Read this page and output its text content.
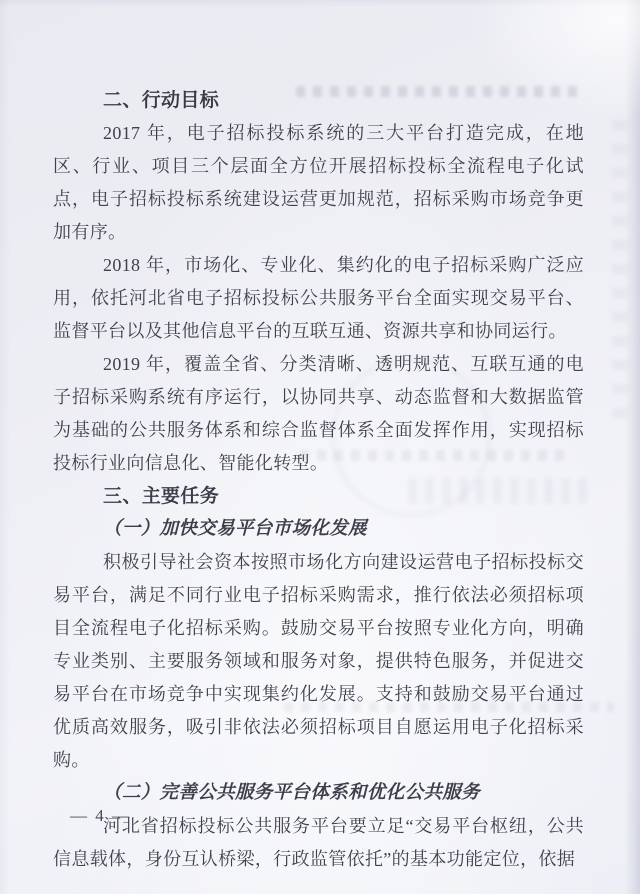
二、行动目标

2017 年，电子招标投标系统的三大平台打造完成，在地区、行业、项目三个层面全方位开展招标投标全流程电子化试点，电子招标投标系统建设运营更加规范，招标采购市场竞争更加有序。

2018 年，市场化、专业化、集约化的电子招标采购广泛应用，依托河北省电子招标投标公共服务平台全面实现交易平台、监督平台以及其他信息平台的互联互通、资源共享和协同运行。

2019 年，覆盖全省、分类清晰、透明规范、互联互通的电子招标采购系统有序运行，以协同共享、动态监督和大数据监管为基础的公共服务体系和综合监督体系全面发挥作用，实现招标投标行业向信息化、智能化转型。

三、主要任务

（一）加快交易平台市场化发展

积极引导社会资本按照市场化方向建设运营电子招标投标交易平台，满足不同行业电子招标采购需求，推行依法必须招标项目全流程电子化招标采购。鼓励交易平台按照专业化方向，明确专业类别、主要服务领域和服务对象，提供特色服务，并促进交易平台在市场竞争中实现集约化发展。支持和鼓励交易平台通过优质高效服务，吸引非依法必须招标项目自愿运用电子化招标采购。

（二）完善公共服务平台体系和优化公共服务

河北省招标投标公共服务平台要立足“交易平台枢纽，公共信息载体，身份互认桥梁，行政监管依托”的基本功能定位，依据

— 4 —
